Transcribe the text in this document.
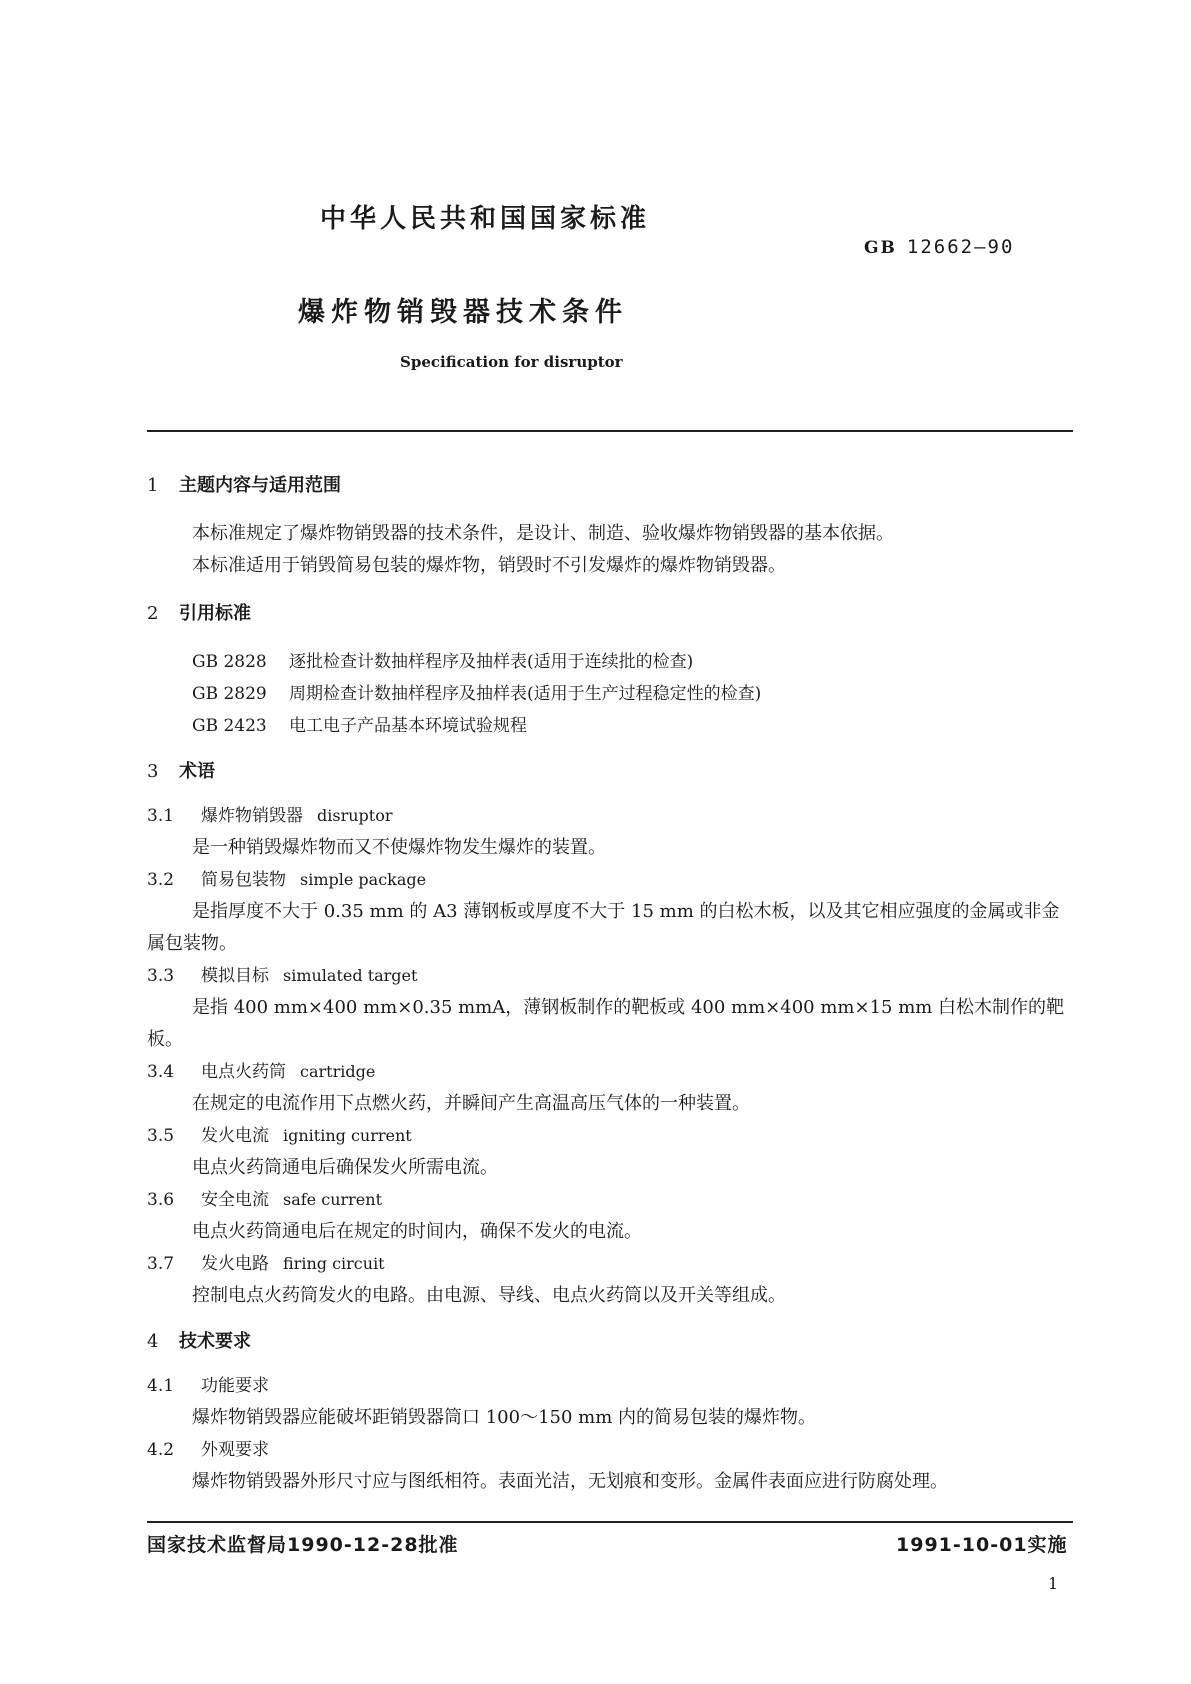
中华人民共和国国家标准
GB 12662—90
爆炸物销毁器技术条件
Specification for disruptor

1 主题内容与适用范围

本标准规定了爆炸物销毁器的技术条件，是设计、制造、验收爆炸物销毁器的基本依据。

本标准适用于销毁简易包装的爆炸物，销毁时不引发爆炸的爆炸物销毁器。

2 引用标准

GB 2828 逐批检查计数抽样程序及抽样表(适用于连续批的检查)

GB 2829 周期检查计数抽样程序及抽样表(适用于生产过程稳定性的检查)

GB 2423 电工电子产品基本环境试验规程

3 术语

3.1 爆炸物销毁器 disruptor

是一种销毁爆炸物而又不使爆炸物发生爆炸的装置。

3.2 简易包装物 simple package

是指厚度不大于 0.35 mm 的 A3 薄钢板或厚度不大于 15 mm 的白松木板，以及其它相应强度的金属或非金属包装物。

3.3 模拟目标 simulated target

是指 400 mm×400 mm×0.35 mmA，薄钢板制作的靶板或 400 mm×400 mm×15 mm 白松木制作的靶板。

3.4 电点火药筒 cartridge

在规定的电流作用下点燃火药，并瞬间产生高温高压气体的一种装置。

3.5 发火电流 igniting current

电点火药筒通电后确保发火所需电流。

3.6 安全电流 safe current

电点火药筒通电后在规定的时间内，确保不发火的电流。

3.7 发火电路 firing circuit

控制电点火药筒发火的电路。由电源、导线、电点火药筒以及开关等组成。

4 技术要求

4.1 功能要求

爆炸物销毁器应能破坏距销毁器筒口 100～150 mm 内的简易包装的爆炸物。

4.2 外观要求

爆炸物销毁器外形尺寸应与图纸相符。表面光洁，无划痕和变形。金属件表面应进行防腐处理。

国家技术监督局1990-12-28批准	1991-10-01实施
1
